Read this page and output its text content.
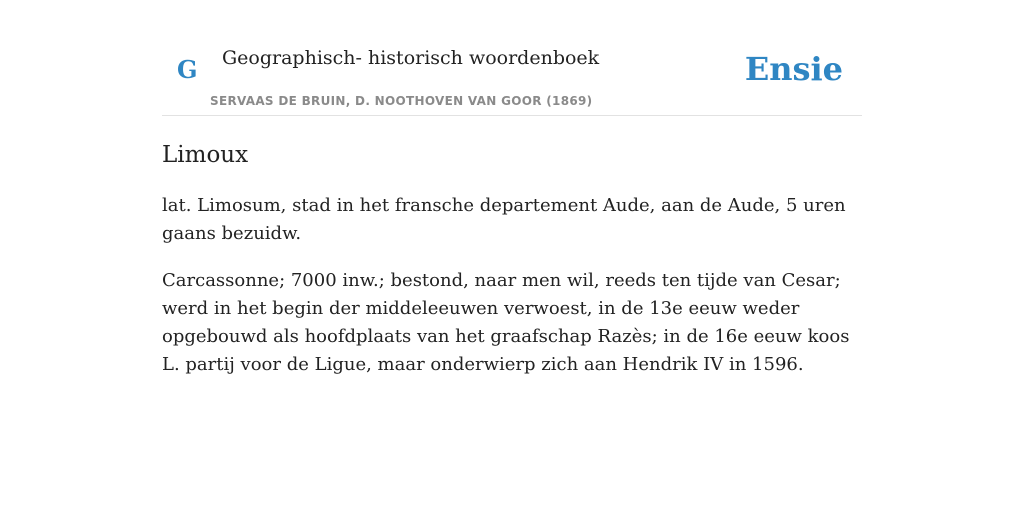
G Geographisch- historisch woordenboek
SERVAAS DE BRUIN, D. NOOTHOVEN VAN GOOR (1869)
Ensie
Limoux

lat. Limosum, stad in het fransche departement Aude, aan de Aude, 5 uren gaans bezuidw.

Carcassonne; 7000 inw.; bestond, naar men wil, reeds ten tijde van Cesar; werd in het begin der middeleeuwen verwoest, in de 13e eeuw weder opgebouwd als hoofdplaats van het graafschap Razès; in de 16e eeuw koos L. partij voor de Ligue, maar onderwierp zich aan Hendrik IV in 1596.
